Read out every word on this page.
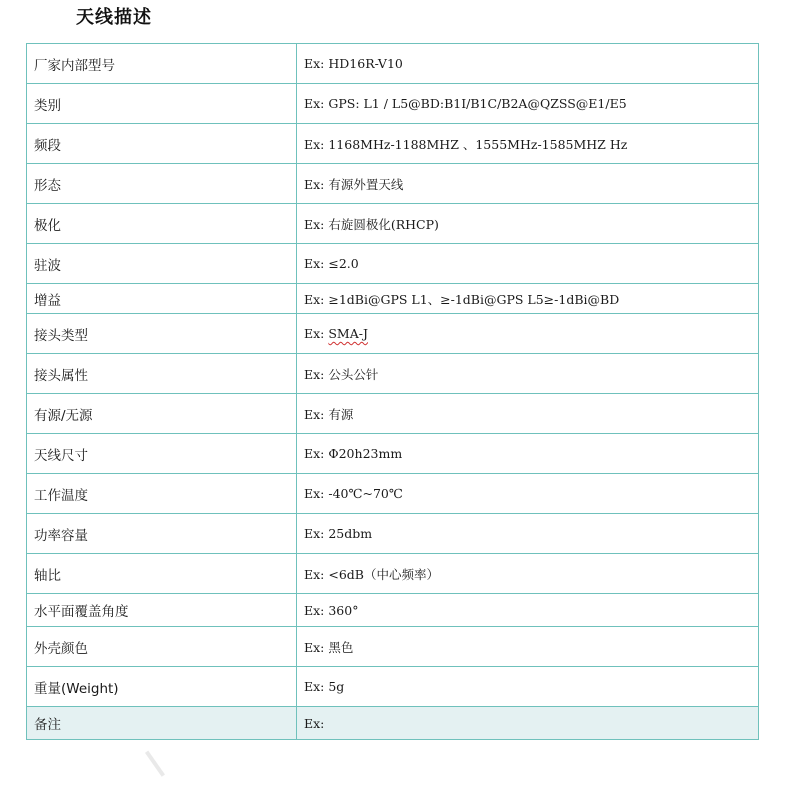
天线描述
厂家内部型号	Ex: HD16R-V10
类别	Ex: GPS: L1 / L5@BD:B1I/B1C/B2A@QZSS@E1/E5
频段	Ex: 1168MHz-1188MHZ 、1555MHz-1585MHZ Hz
形态	Ex: 有源外置天线
极化	Ex: 右旋圆极化(RHCP)
驻波	Ex: ≤2.0
增益	Ex: ≥1dBi@GPS L1、≥-1dBi@GPS L5≥-1dBi@BD
接头类型	Ex: SMA-J
接头属性	Ex: 公头公针
有源/无源	Ex: 有源
天线尺寸	Ex: Φ20h23mm
工作温度	Ex: -40℃~70℃
功率容量	Ex: 25dbm
轴比	Ex: <6dB（中心频率）
水平面覆盖角度	Ex: 360°
外壳颜色	Ex: 黑色
重量(Weight)	Ex: 5g
备注	Ex:
I
